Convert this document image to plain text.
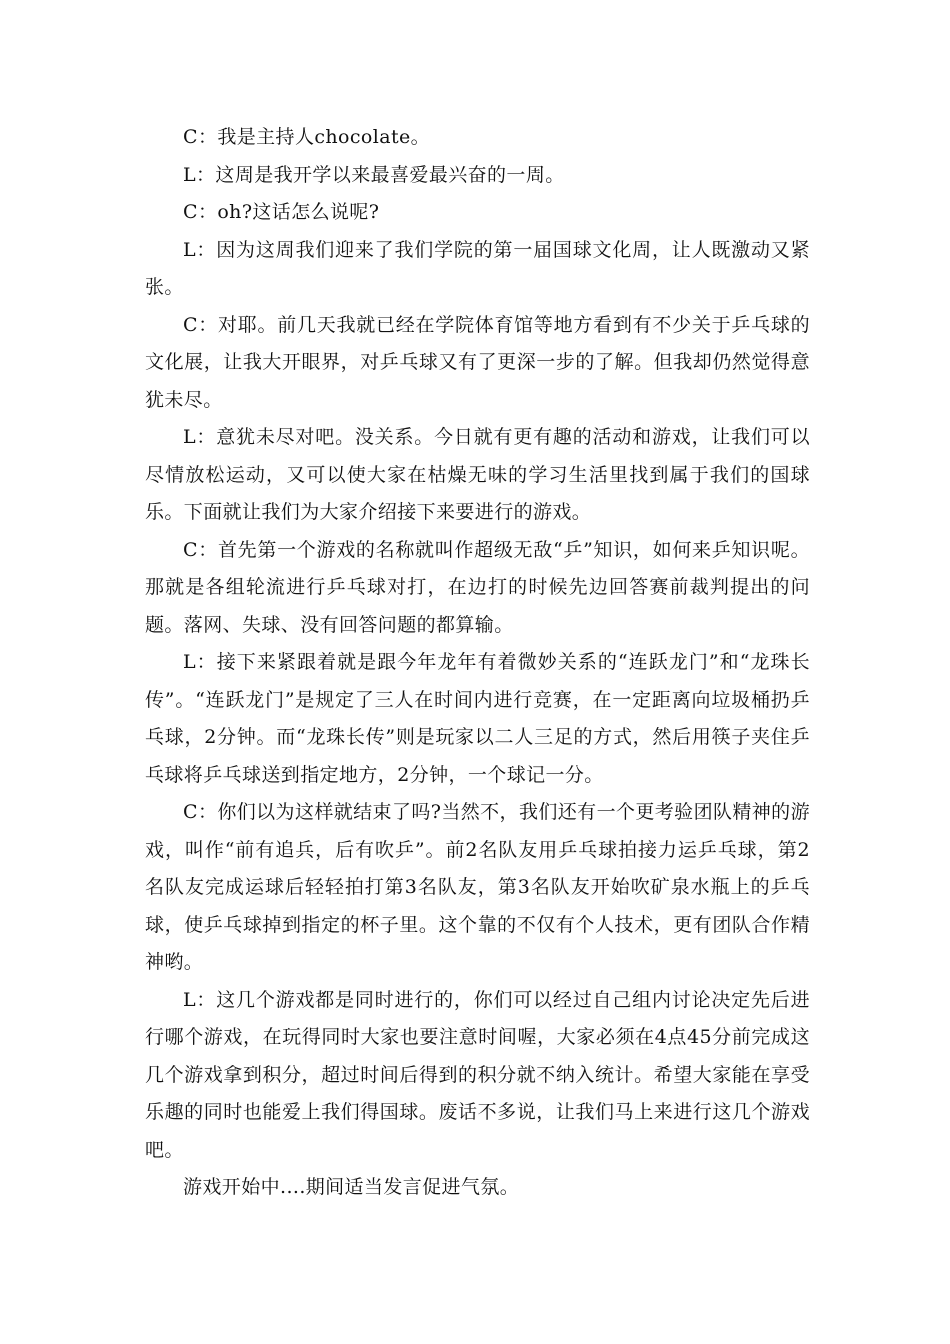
C：我是主持人chocolate。

L：这周是我开学以来最喜爱最兴奋的一周。

C：oh?这话怎么说呢?

L：因为这周我们迎来了我们学院的第一届国球文化周，让人既激动又紧张。

C：对耶。前几天我就已经在学院体育馆等地方看到有不少关于乒乓球的文化展，让我大开眼界，对乒乓球又有了更深一步的了解。但我却仍然觉得意犹未尽。

L：意犹未尽对吧。没关系。今日就有更有趣的活动和游戏，让我们可以尽情放松运动，又可以使大家在枯燥无味的学习生活里找到属于我们的国球乐。下面就让我们为大家介绍接下来要进行的游戏。

C：首先第一个游戏的名称就叫作超级无敌“乒”知识，如何来乒知识呢。那就是各组轮流进行乒乓球对打，在边打的时候先边回答赛前裁判提出的问题。落网、失球、没有回答问题的都算输。

L：接下来紧跟着就是跟今年龙年有着微妙关系的“连跃龙门”和“龙珠长传”。“连跃龙门”是规定了三人在时间内进行竞赛，在一定距离向垃圾桶扔乒乓球，2分钟。而“龙珠长传”则是玩家以二人三足的方式，然后用筷子夹住乒乓球将乒乓球送到指定地方，2分钟，一个球记一分。

C：你们以为这样就结束了吗?当然不，我们还有一个更考验团队精神的游戏，叫作“前有追兵，后有吹乒”。前2名队友用乒乓球拍接力运乒乓球，第2名队友完成运球后轻轻拍打第3名队友，第3名队友开始吹矿泉水瓶上的乒乓球，使乒乓球掉到指定的杯子里。这个靠的不仅有个人技术，更有团队合作精神哟。

L：这几个游戏都是同时进行的，你们可以经过自己组内讨论决定先后进行哪个游戏，在玩得同时大家也要注意时间喔，大家必须在4点45分前完成这几个游戏拿到积分，超过时间后得到的积分就不纳入统计。希望大家能在享受乐趣的同时也能爱上我们得国球。废话不多说，让我们马上来进行这几个游戏吧。

游戏开始中....期间适当发言促进气氛。
